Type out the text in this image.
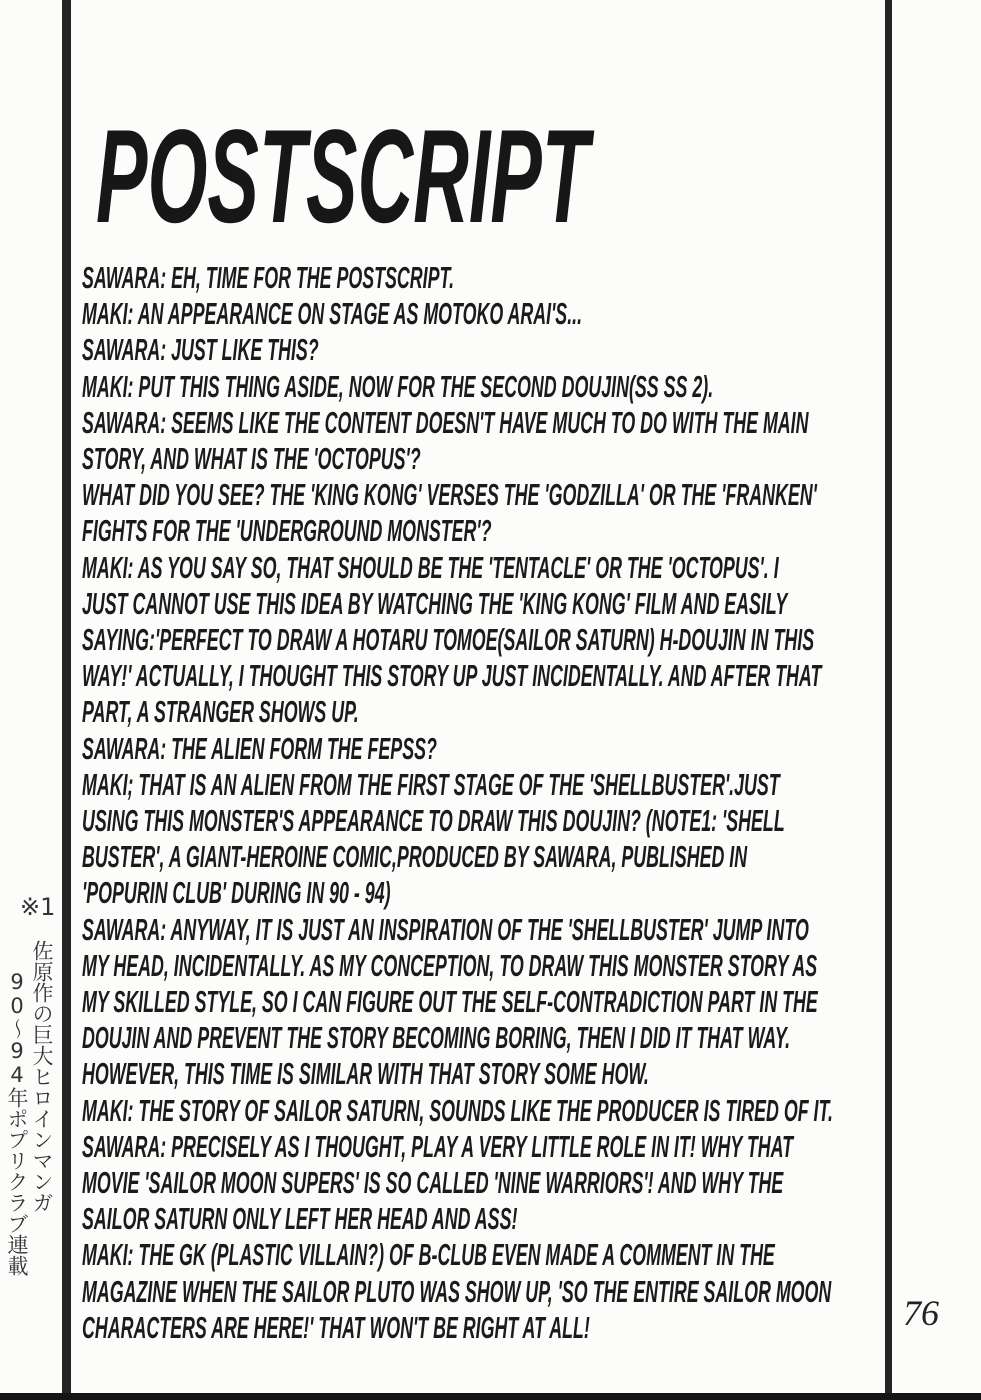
POSTSCRIPT
SAWARA: EH, TIME FOR THE POSTSCRIPT.
MAKI: AN APPEARANCE ON STAGE AS MOTOKO ARAI'S...
SAWARA: JUST LIKE THIS?
MAKI: PUT THIS THING ASIDE, NOW FOR THE SECOND DOUJIN(SS SS 2).
SAWARA: SEEMS LIKE THE CONTENT DOESN'T HAVE MUCH TO DO WITH THE MAIN
STORY, AND WHAT IS THE 'OCTOPUS'?
WHAT DID YOU SEE? THE 'KING KONG' VERSES THE 'GODZILLA' OR THE 'FRANKEN'
FIGHTS FOR THE 'UNDERGROUND MONSTER'?
MAKI: AS YOU SAY SO, THAT SHOULD BE THE 'TENTACLE' OR THE 'OCTOPUS'. I
JUST CANNOT USE THIS IDEA BY WATCHING THE 'KING KONG' FILM AND EASILY
SAYING:'PERFECT TO DRAW A HOTARU TOMOE(SAILOR SATURN) H-DOUJIN IN THIS
WAY!' ACTUALLY, I THOUGHT THIS STORY UP JUST INCIDENTALLY. AND AFTER THAT
PART, A STRANGER SHOWS UP.
SAWARA: THE ALIEN FORM THE FEPSS?
MAKI; THAT IS AN ALIEN FROM THE FIRST STAGE OF THE 'SHELLBUSTER'.JUST
USING THIS MONSTER'S APPEARANCE TO DRAW THIS DOUJIN? (NOTE1: 'SHELL
BUSTER', A GIANT-HEROINE COMIC,PRODUCED BY SAWARA, PUBLISHED IN
'POPURIN CLUB' DURING IN 90 - 94)
SAWARA: ANYWAY, IT IS JUST AN INSPIRATION OF THE 'SHELLBUSTER' JUMP INTO
MY HEAD, INCIDENTALLY. AS MY CONCEPTION, TO DRAW THIS MONSTER STORY AS
MY SKILLED STYLE, SO I CAN FIGURE OUT THE SELF-CONTRADICTION PART IN THE
DOUJIN AND PREVENT THE STORY BECOMING BORING, THEN I DID IT THAT WAY.
HOWEVER, THIS TIME IS SIMILAR WITH THAT STORY SOME HOW.
MAKI: THE STORY OF SAILOR SATURN, SOUNDS LIKE THE PRODUCER IS TIRED OF IT.
SAWARA: PRECISELY AS I THOUGHT, PLAY A VERY LITTLE ROLE IN IT! WHY THAT
MOVIE 'SAILOR MOON SUPERS' IS SO CALLED 'NINE WARRIORS'! AND WHY THE
SAILOR SATURN ONLY LEFT HER HEAD AND ASS!
MAKI: THE GK (PLASTIC VILLAIN?) OF B-CLUB EVEN MADE A COMMENT IN THE
MAGAZINE WHEN THE SAILOR PLUTO WAS SHOW UP, 'SO THE ENTIRE SAILOR MOON
CHARACTERS ARE HERE!' THAT WON'T BE RIGHT AT ALL!
※1
佐原作の巨大ヒロインマンガ
90〜94年ポプリクラブ連載
76
